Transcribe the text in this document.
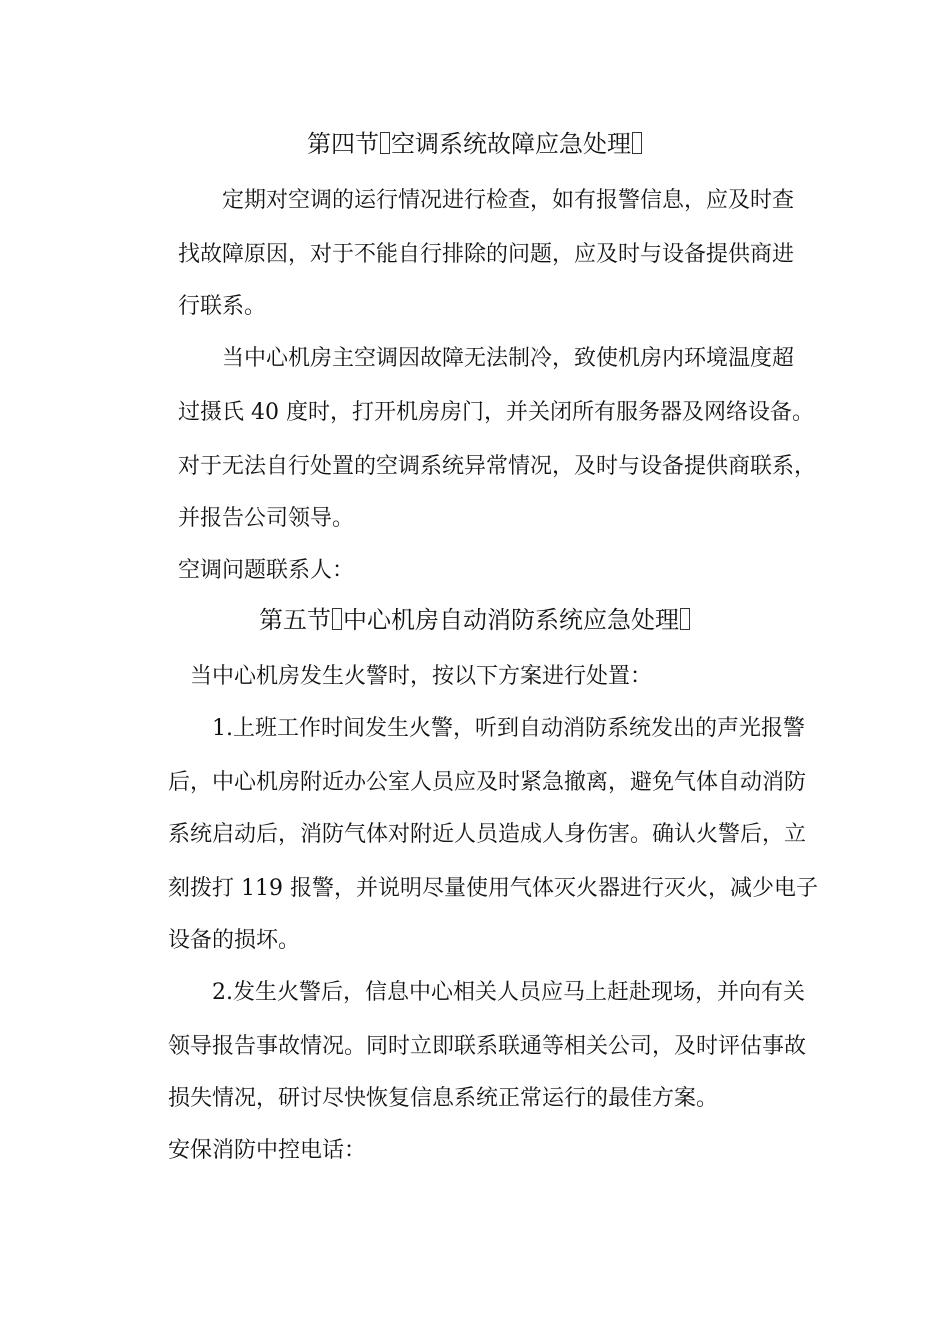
第四节 空调系统故障应急处理
定期对空调的运行情况进行检查，如有报警信息，应及时查
找故障原因，对于不能自行排除的问题，应及时与设备提供商进
行联系。
当中心机房主空调因故障无法制冷，致使机房内环境温度超
过摄氏 40 度时，打开机房房门，并关闭所有服务器及网络设备。
对于无法自行处置的空调系统异常情况，及时与设备提供商联系，
并报告公司领导。
空调问题联系人：
第五节 中心机房自动消防系统应急处理
当中心机房发生火警时，按以下方案进行处置：
1.上班工作时间发生火警，听到自动消防系统发出的声光报警
后，中心机房附近办公室人员应及时紧急撤离，避免气体自动消防
系统启动后，消防气体对附近人员造成人身伤害。确认火警后，立
刻拨打 119 报警，并说明尽量使用气体灭火器进行灭火，减少电子
设备的损坏。
2.发生火警后，信息中心相关人员应马上赶赴现场，并向有关
领导报告事故情况。同时立即联系联通等相关公司，及时评估事故
损失情况，研讨尽快恢复信息系统正常运行的最佳方案。
安保消防中控电话：
